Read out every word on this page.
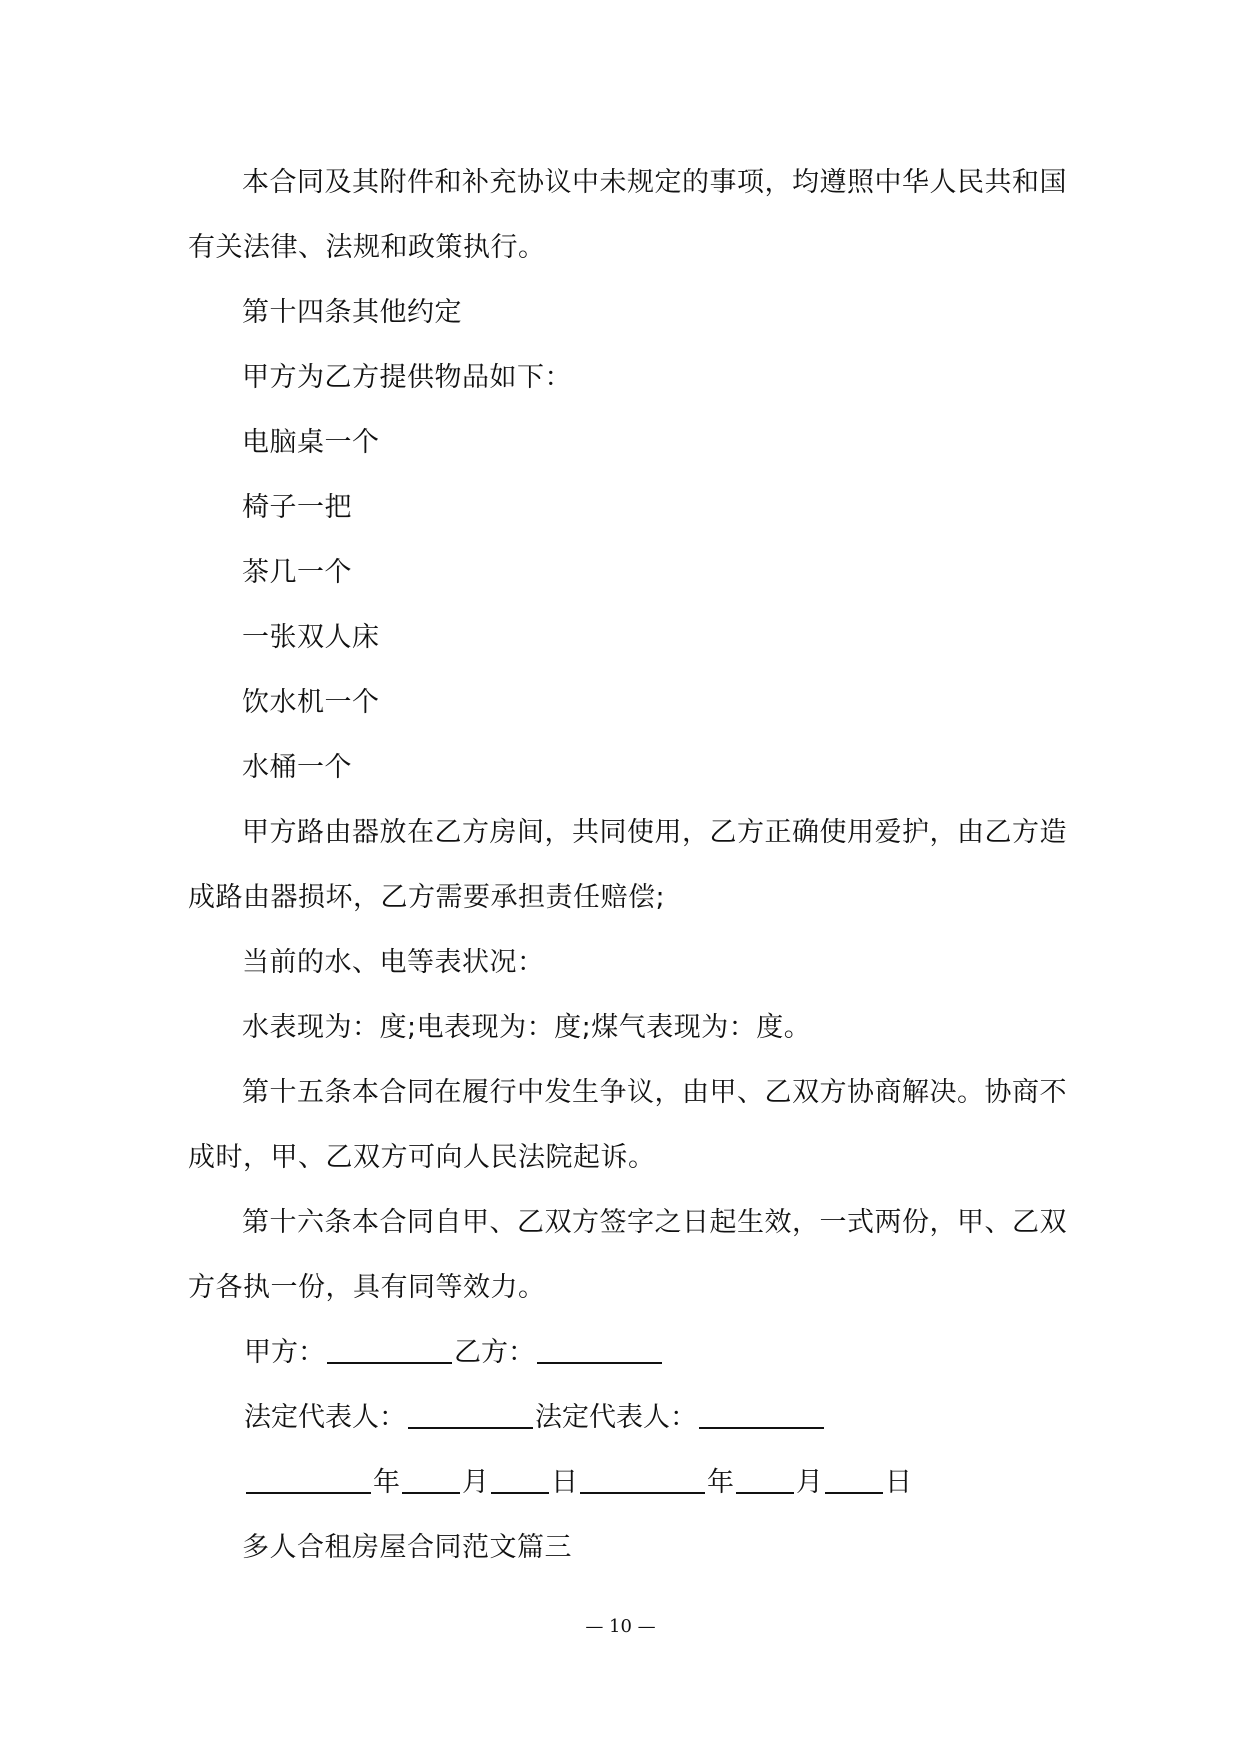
本合同及其附件和补充协议中未规定的事项，均遵照中华人民共和国有关法律、法规和政策执行。

第十四条其他约定

甲方为乙方提供物品如下：

电脑桌一个

椅子一把

茶几一个

一张双人床

饮水机一个

水桶一个

甲方路由器放在乙方房间，共同使用，乙方正确使用爱护，由乙方造成路由器损坏，乙方需要承担责任赔偿;

当前的水、电等表状况：

水表现为：度;电表现为：度;煤气表现为：度。

第十五条本合同在履行中发生争议，由甲、乙双方协商解决。协商不成时，甲、乙双方可向人民法院起诉。

第十六条本合同自甲、乙双方签字之日起生效，一式两份，甲、乙双方各执一份，具有同等效力。

甲方：	乙方：

法定代表人：	法定代表人：

年 月 日	年 月 日

多人合租房屋合同范文篇三

— 10 —
